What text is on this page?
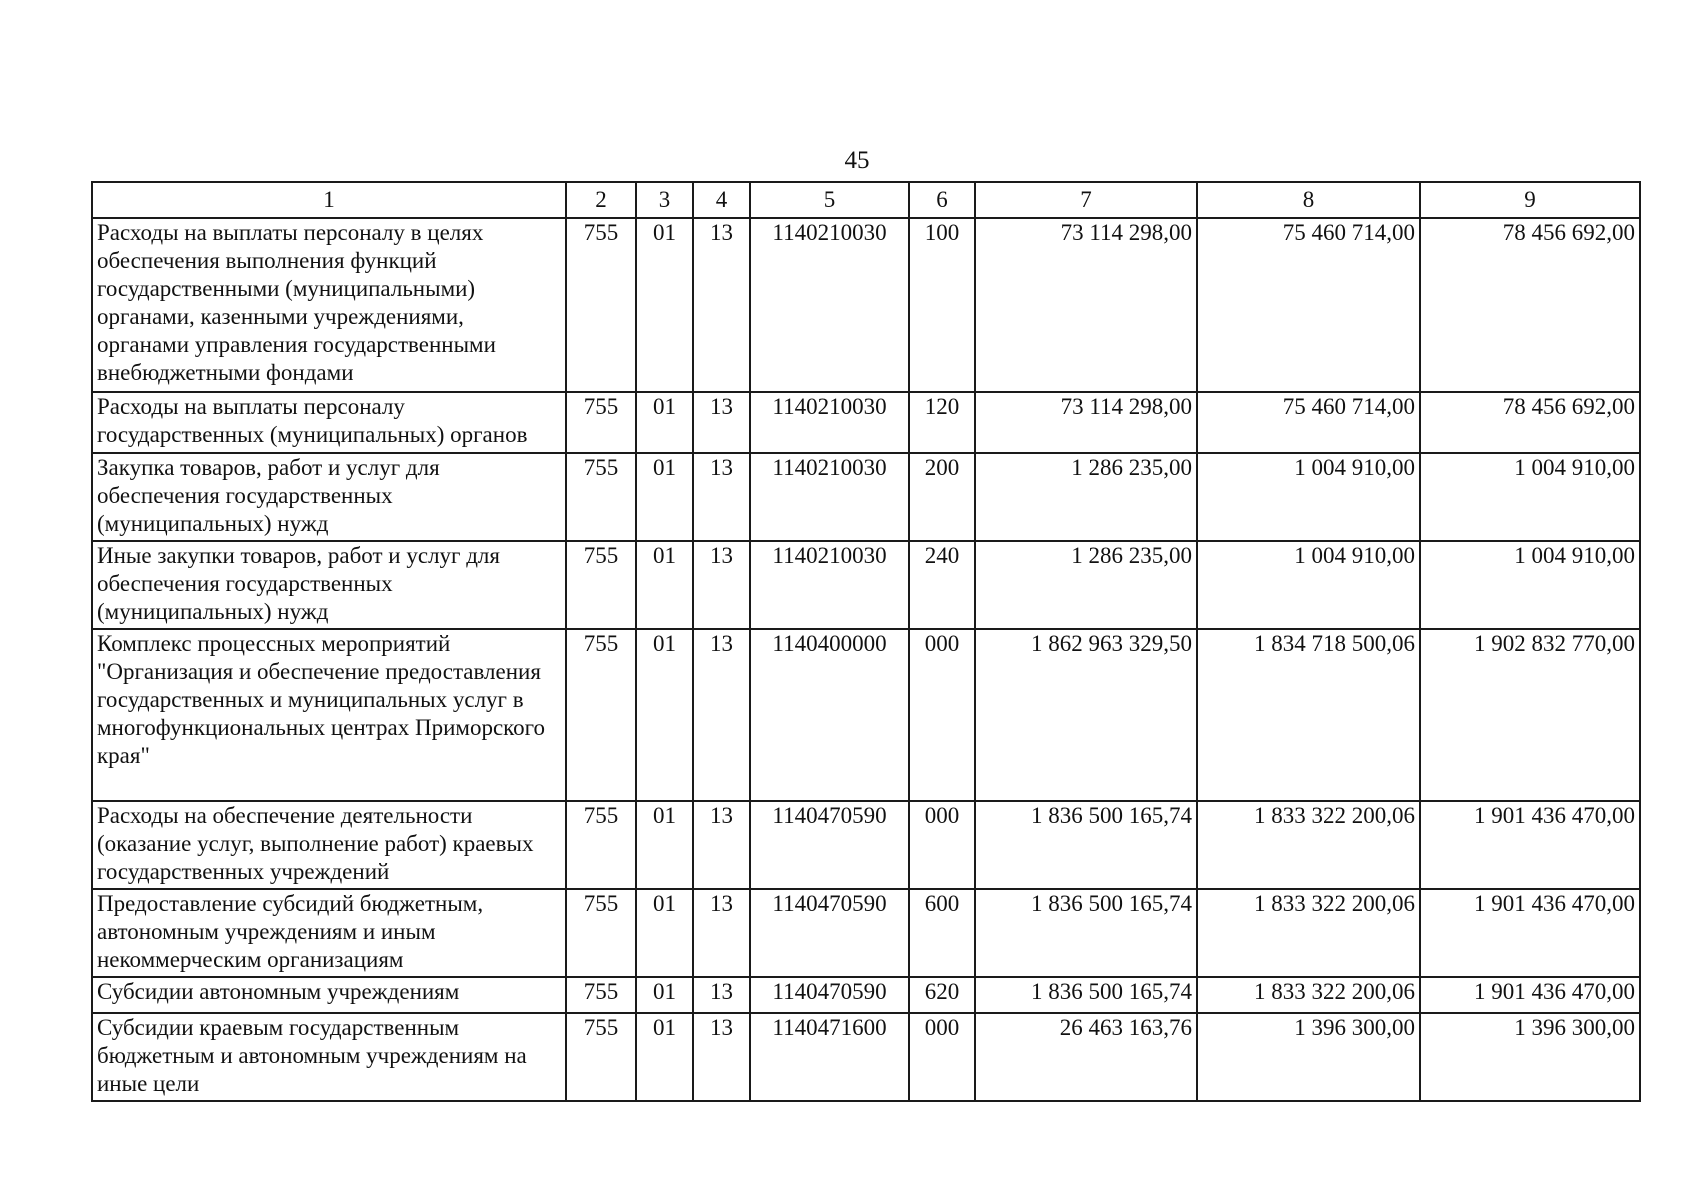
45
1	2	3	4	5	6	7	8	9
Расходы на выплаты персоналу в целях обеспечения выполнения функций государственными (муниципальными) органами, казенными учреждениями, органами управления государственными внебюджетными фондами	755	01	13	1140210030	100	73 114 298,00	75 460 714,00	78 456 692,00
Расходы на выплаты персоналу государственных (муниципальных) органов	755	01	13	1140210030	120	73 114 298,00	75 460 714,00	78 456 692,00
Закупка товаров, работ и услуг для обеспечения государственных (муниципальных) нужд	755	01	13	1140210030	200	1 286 235,00	1 004 910,00	1 004 910,00
Иные закупки товаров, работ и услуг для обеспечения государственных (муниципальных) нужд	755	01	13	1140210030	240	1 286 235,00	1 004 910,00	1 004 910,00
Комплекс процессных мероприятий "Организация и обеспечение предоставления государственных и муниципальных услуг в многофункциональных центрах Приморского края"	755	01	13	1140400000	000	1 862 963 329,50	1 834 718 500,06	1 902 832 770,00
Расходы на обеспечение деятельности (оказание услуг, выполнение работ) краевых государственных учреждений	755	01	13	1140470590	000	1 836 500 165,74	1 833 322 200,06	1 901 436 470,00
Предоставление субсидий бюджетным, автономным учреждениям и иным некоммерческим организациям	755	01	13	1140470590	600	1 836 500 165,74	1 833 322 200,06	1 901 436 470,00
Субсидии автономным учреждениям	755	01	13	1140470590	620	1 836 500 165,74	1 833 322 200,06	1 901 436 470,00
Субсидии краевым государственным бюджетным и автономным учреждениям на иные цели	755	01	13	1140471600	000	26 463 163,76	1 396 300,00	1 396 300,00
